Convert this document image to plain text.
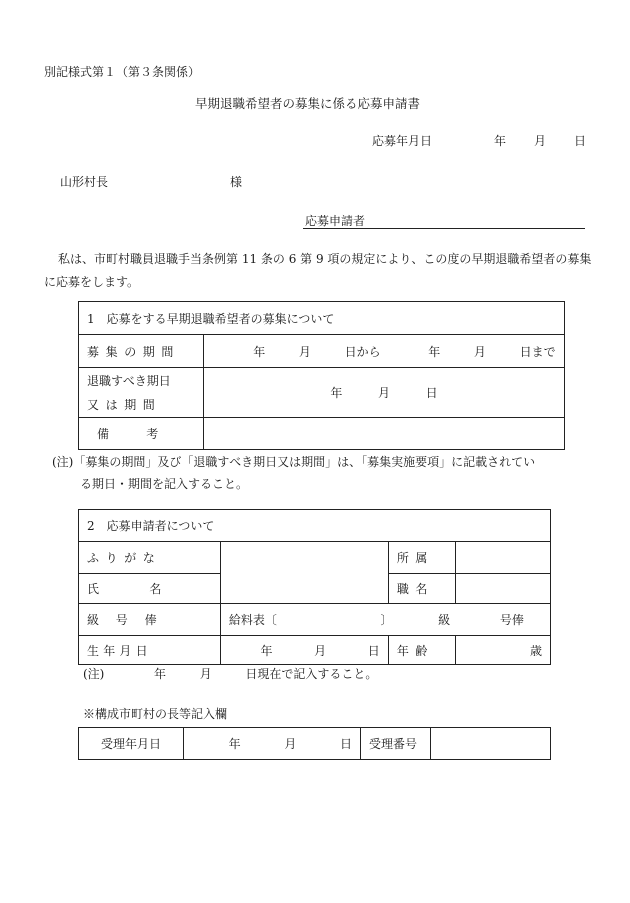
別記様式第１（第３条関係）
早期退職希望者の募集に係る応募申請書
応募年月日	年 月 日
山形村長	様
応募申請者
私は、市町村職員退職手当条例第 11 条の 6 第 9 項の規定により、この度の早期退職希望者の募集に応募をします。
1　応募をする早期退職希望者の募集について	
募集の期間	年 月 日から 年 月 日まで

退職すべき期日
又は期間	年 月 日
備考	
(注)「募集の期間」及び「退職すべき期日又は期間」は、「募集実施要項」に記載されてい
る期日・期間を記入すること。
2　応募申請者について			
ふりがな		所属	
氏名		職名	
級号俸	給料表〔 〕 級 号俸		
生年月日	年 月 日	年齢	歳
(注)	年	月	日現在で記入すること。
※構成市町村の長等記入欄
受理年月日	年	月	日	受理番号	
